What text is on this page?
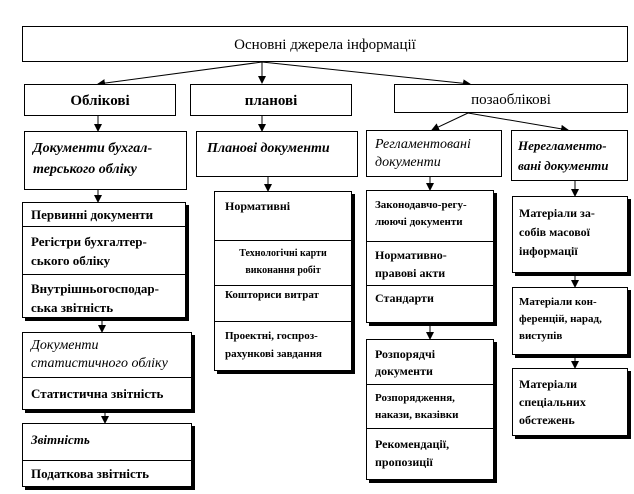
Основні джерела інформації
Облікові	планові	позаоблікові
Документи бухгал-
терського обліку
Первинні документи
Регістри бухгалтер-
ського обліку
Внутрішньогосподар-
ська звітність
Документи
статистичного обліку
Статистична звітність
Звітність
Податкова звітність
Планові документи
Нормативні
Технологічні карти
виконання робіт
Кошториси витрат
Проектні, госпроз-
рахункові завдання
Регламентовані
документи
Законодавчо-регу-
люючі документи
Нормативно-
правові акти
Стандарти
Розпорядчі
документи
Розпорядження,
накази, вказівки
Рекомендації,
пропозиції
Нерегламенто-
вані документи
Матеріали за-
собів масової
інформації
Матеріали кон-
ференцій, нарад,
виступів
Матеріали
спеціальних
обстежень
